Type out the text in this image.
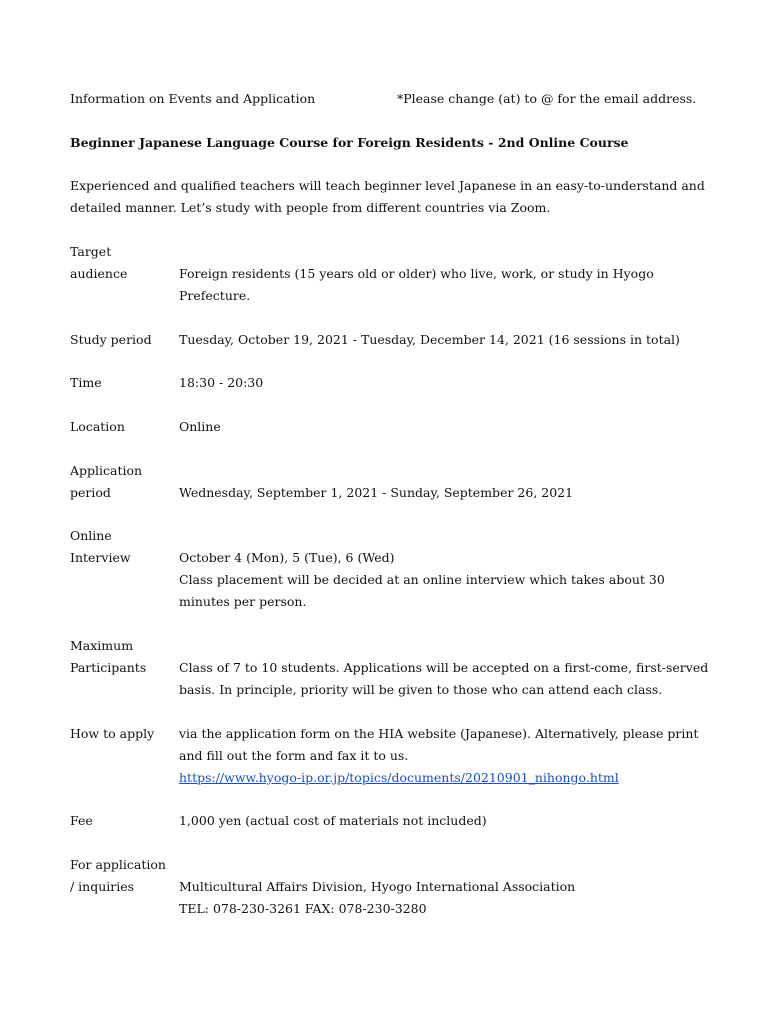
Information on Events and Application	*Please change (at) to @ for the email address.
Beginner Japanese Language Course for Foreign Residents - 2nd Online Course
Experienced and qualified teachers will teach beginner level Japanese in an easy-to-understand and
detailed manner. Let’s study with people from different countries via Zoom.
Target
audience	Foreign residents (15 years old or older) who live, work, or study in Hyogo
Prefecture.
Study period	Tuesday, October 19, 2021 - Tuesday, December 14, 2021 (16 sessions in total)
Time	18:30 - 20:30
Location	Online
Application
period	Wednesday, September 1, 2021 - Sunday, September 26, 2021
Online
Interview	October 4 (Mon), 5 (Tue), 6 (Wed)
Class placement will be decided at an online interview which takes about 30
minutes per person.
Maximum
Participants	Class of 7 to 10 students. Applications will be accepted on a first-come, first-served
basis. In principle, priority will be given to those who can attend each class.
How to apply	via the application form on the HIA website (Japanese). Alternatively, please print
and fill out the form and fax it to us.
https://www.hyogo-ip.or.jp/topics/documents/20210901_nihongo.html
Fee	1,000 yen (actual cost of materials not included)
For application
/ inquiries	Multicultural Affairs Division, Hyogo International Association
TEL: 078-230-3261 FAX: 078-230-3280
